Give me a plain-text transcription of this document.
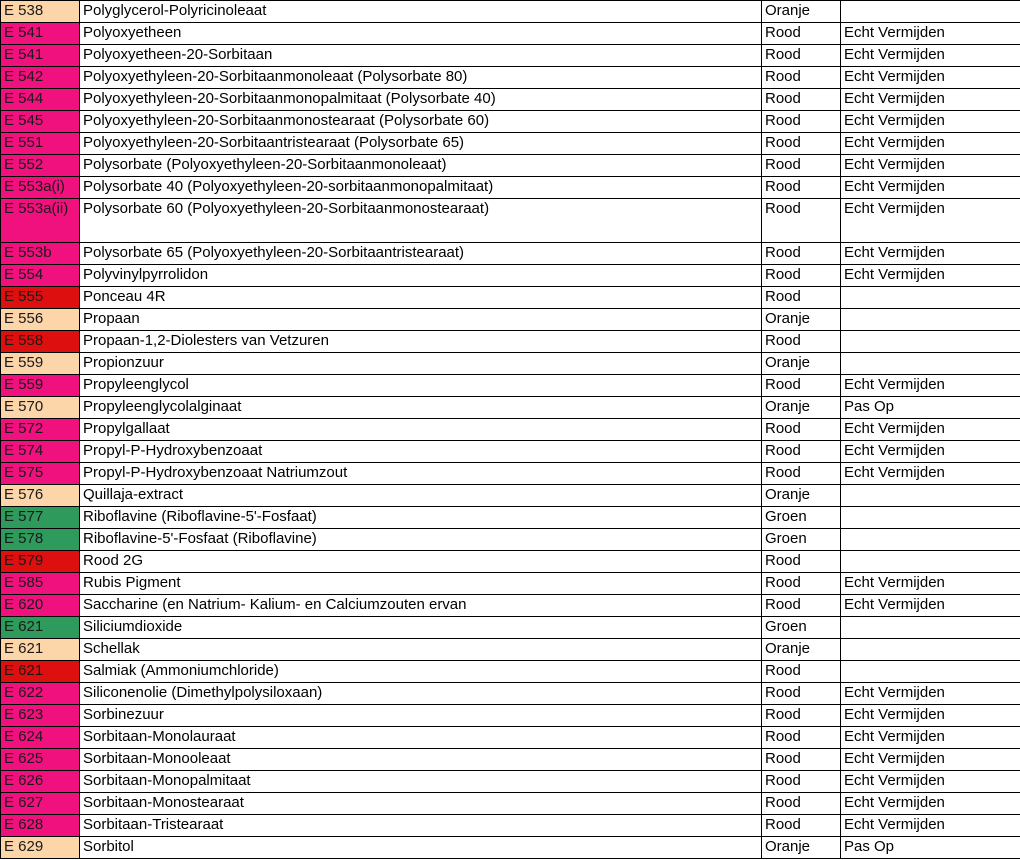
E 538	Polyglycerol-Polyricinoleaat	Oranje	
E 541	Polyoxyetheen	Rood	Echt Vermijden
E 541	Polyoxyetheen-20-Sorbitaan	Rood	Echt Vermijden
E 542	Polyoxyethyleen-20-Sorbitaanmonoleaat (Polysorbate 80)	Rood	Echt Vermijden
E 544	Polyoxyethyleen-20-Sorbitaanmonopalmitaat (Polysorbate 40)	Rood	Echt Vermijden
E 545	Polyoxyethyleen-20-Sorbitaanmonostearaat (Polysorbate 60)	Rood	Echt Vermijden
E 551	Polyoxyethyleen-20-Sorbitaantristearaat (Polysorbate 65)	Rood	Echt Vermijden
E 552	Polysorbate (Polyoxyethyleen-20-Sorbitaanmonoleaat)	Rood	Echt Vermijden
E 553a(i)	Polysorbate 40 (Polyoxyethyleen-20-sorbitaanmonopalmitaat)	Rood	Echt Vermijden
E 553a(ii)	Polysorbate 60 (Polyoxyethyleen-20-Sorbitaanmonostearaat)	Rood	Echt Vermijden
E 553b	Polysorbate 65 (Polyoxyethyleen-20-Sorbitaantristearaat)	Rood	Echt Vermijden
E 554	Polyvinylpyrrolidon	Rood	Echt Vermijden
E 555	Ponceau 4R	Rood	
E 556	Propaan	Oranje	
E 558	Propaan-1,2-Diolesters van Vetzuren	Rood	
E 559	Propionzuur	Oranje	
E 559	Propyleenglycol	Rood	Echt Vermijden
E 570	Propyleenglycolalginaat	Oranje	Pas Op
E 572	Propylgallaat	Rood	Echt Vermijden
E 574	Propyl-P-Hydroxybenzoaat	Rood	Echt Vermijden
E 575	Propyl-P-Hydroxybenzoaat Natriumzout	Rood	Echt Vermijden
E 576	Quillaja-extract	Oranje	
E 577	Riboflavine (Riboflavine-5'-Fosfaat)	Groen	
E 578	Riboflavine-5'-Fosfaat (Riboflavine)	Groen	
E 579	Rood 2G	Rood	
E 585	Rubis Pigment	Rood	Echt Vermijden
E 620	Saccharine (en Natrium- Kalium- en Calciumzouten ervan	Rood	Echt Vermijden
E 621	Siliciumdioxide	Groen	
E 621	Schellak	Oranje	
E 621	Salmiak (Ammoniumchloride)	Rood	
E 622	Siliconenolie (Dimethylpolysiloxaan)	Rood	Echt Vermijden
E 623	Sorbinezuur	Rood	Echt Vermijden
E 624	Sorbitaan-Monolauraat	Rood	Echt Vermijden
E 625	Sorbitaan-Monooleaat	Rood	Echt Vermijden
E 626	Sorbitaan-Monopalmitaat	Rood	Echt Vermijden
E 627	Sorbitaan-Monostearaat	Rood	Echt Vermijden
E 628	Sorbitaan-Tristearaat	Rood	Echt Vermijden
E 629	Sorbitol	Oranje	Pas Op
